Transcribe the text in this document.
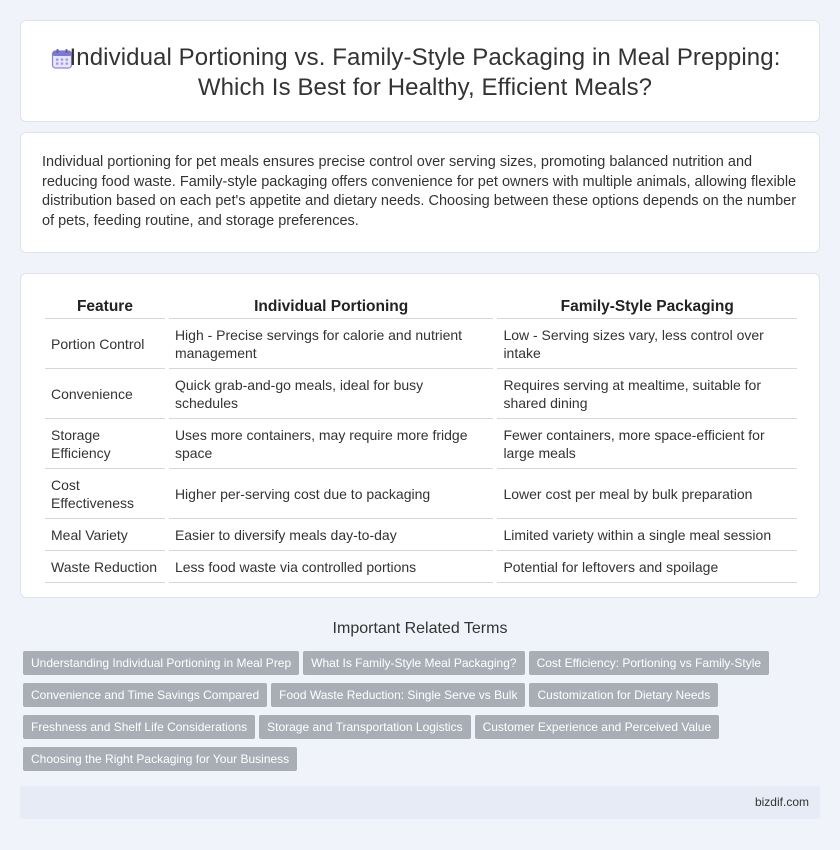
Individual Portioning vs. Family-Style Packaging in Meal Prepping: Which Is Best for Healthy, Efficient Meals?

Individual portioning for pet meals ensures precise control over serving sizes, promoting balanced nutrition and reducing food waste. Family-style packaging offers convenience for pet owners with multiple animals, allowing flexible distribution based on each pet's appetite and dietary needs. Choosing between these options depends on the number of pets, feeding routine, and storage preferences.

Feature	Individual Portioning	Family-Style Packaging
Portion Control	High - Precise servings for calorie and nutrient management	Low - Serving sizes vary, less control over intake
Convenience	Quick grab-and-go meals, ideal for busy schedules	Requires serving at mealtime, suitable for shared dining
Storage Efficiency	Uses more containers, may require more fridge space	Fewer containers, more space-efficient for large meals
Cost Effectiveness	Higher per-serving cost due to packaging	Lower cost per meal by bulk preparation
Meal Variety	Easier to diversify meals day-to-day	Limited variety within a single meal session
Waste Reduction	Less food waste via controlled portions	Potential for leftovers and spoilage
Important Related Terms
Understanding Individual Portioning in Meal Prep What Is Family-Style Meal Packaging? Cost Efficiency: Portioning vs Family-StyleConvenience and Time Savings Compared Food Waste Reduction: Single Serve vs Bulk Customization for Dietary NeedsFreshness and Shelf Life Considerations Storage and Transportation Logistics Customer Experience and Perceived ValueChoosing the Right Packaging for Your Business
bizdif.com
